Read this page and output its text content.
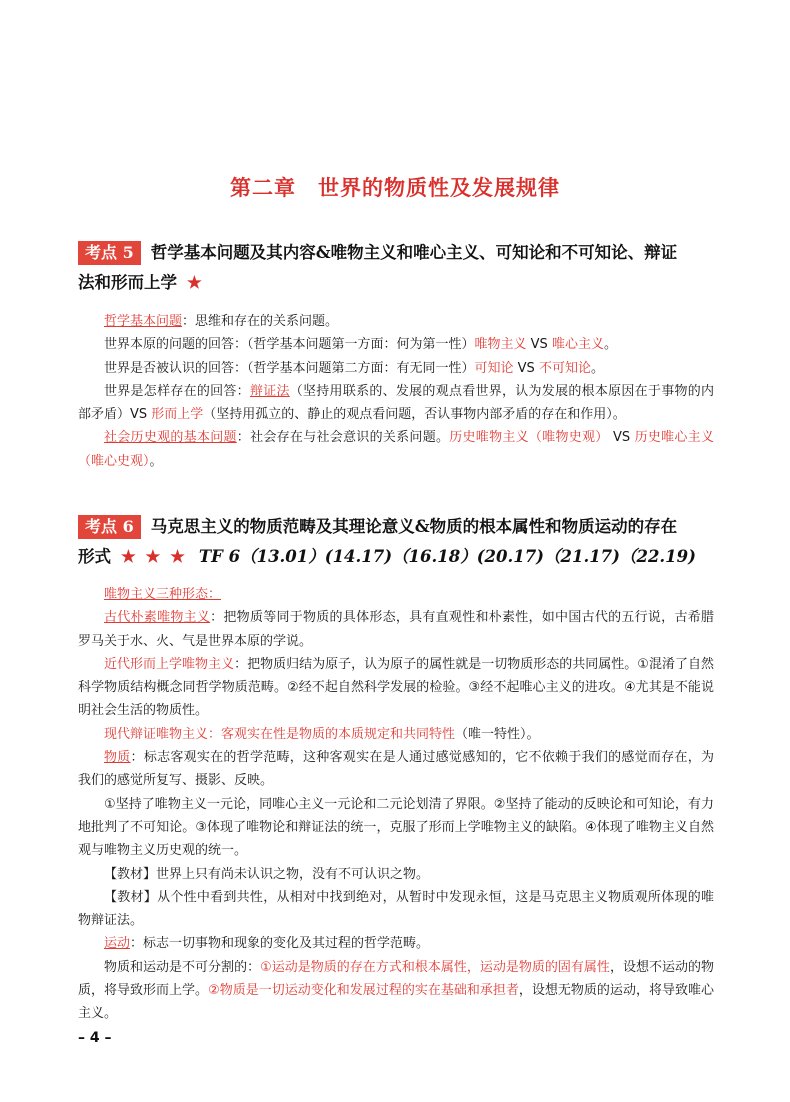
第二章　世界的物质性及发展规律
考点 5 哲学基本问题及其内容&唯物主义和唯心主义、可知论和不可知论、辩证
法和形而上学 ★

哲学基本问题：思维和存在的关系问题。

世界本原的问题的回答：（哲学基本问题第一方面：何为第一性）唯物主义 VS 唯心主义。

世界是否被认识的回答：（哲学基本问题第二方面：有无同一性）可知论 VS 不可知论。

世界是怎样存在的回答：辩证法（坚持用联系的、发展的观点看世界，认为发展的根本原因在于事物的内部矛盾）VS 形而上学（坚持用孤立的、静止的观点看问题，否认事物内部矛盾的存在和作用）。

社会历史观的基本问题：社会存在与社会意识的关系问题。历史唯物主义（唯物史观） VS 历史唯心主义（唯心史观）。

考点 6 马克思主义的物质范畴及其理论意义&物质的根本属性和物质运动的存在
形式 ★ ★ ★ TF 6（13.01）(14.17)（16.18）(20.17)（21.17)（22.19)

唯物主义三种形态：

古代朴素唯物主义：把物质等同于物质的具体形态，具有直观性和朴素性，如中国古代的五行说，古希腊罗马关于水、火、气是世界本原的学说。

近代形而上学唯物主义：把物质归结为原子，认为原子的属性就是一切物质形态的共同属性。①混淆了自然科学物质结构概念同哲学物质范畴。②经不起自然科学发展的检验。③经不起唯心主义的进攻。④尤其是不能说明社会生活的物质性。

现代辩证唯物主义：客观实在性是物质的本质规定和共同特性（唯一特性）。

物质：标志客观实在的哲学范畴，这种客观实在是人通过感觉感知的，它不依赖于我们的感觉而存在，为我们的感觉所复写、摄影、反映。

①坚持了唯物主义一元论，同唯心主义一元论和二元论划清了界限。②坚持了能动的反映论和可知论，有力地批判了不可知论。③体现了唯物论和辩证法的统一，克服了形而上学唯物主义的缺陷。④体现了唯物主义自然观与唯物主义历史观的统一。

【教材】世界上只有尚未认识之物，没有不可认识之物。

【教材】从个性中看到共性，从相对中找到绝对，从暂时中发现永恒，这是马克思主义物质观所体现的唯物辩证法。

运动：标志一切事物和现象的变化及其过程的哲学范畴。

物质和运动是不可分割的：①运动是物质的存在方式和根本属性，运动是物质的固有属性，设想不运动的物质，将导致形而上学。②物质是一切运动变化和发展过程的实在基础和承担者，设想无物质的运动，将导致唯心主义。

– 4 –
